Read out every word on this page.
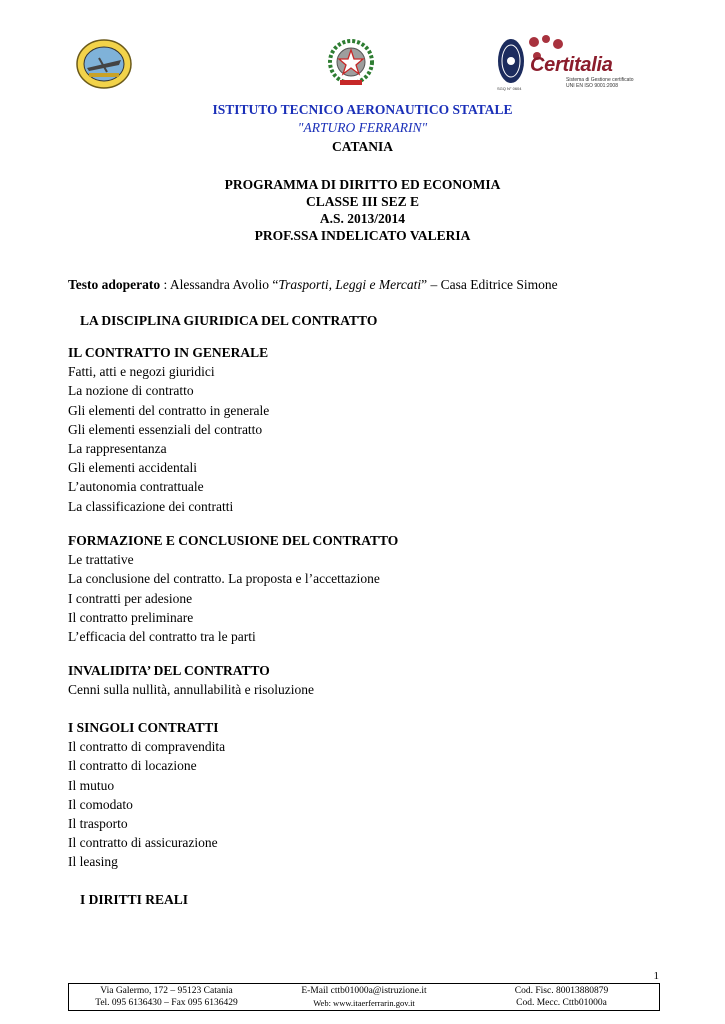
Certitalia
Sistema di Gestione certificato
UNI EN ISO 9001:2008
SGQ N° 0604
ISTITUTO TECNICO AERONAUTICO STATALE
"ARTURO FERRARIN"
CATANIA
PROGRAMMA DI DIRITTO ED ECONOMIA
CLASSE III SEZ E
A.S. 2013/2014
PROF.SSA INDELICATO VALERIA
Testo adoperato : Alessandra Avolio “Trasporti, Leggi e Mercati” – Casa Editrice Simone
LA DISCIPLINA GIURIDICA DEL CONTRATTO
IL CONTRATTO IN GENERALE
Fatti, atti e negozi giuridici
La nozione di contratto
Gli elementi del contratto in generale
Gli elementi essenziali del contratto
La rappresentanza
Gli elementi accidentali
L’autonomia contrattuale
La classificazione dei contratti
FORMAZIONE E CONCLUSIONE DEL CONTRATTO
Le trattative
La conclusione del contratto. La proposta e l’accettazione
I contratti per adesione
Il contratto preliminare
L’efficacia del contratto tra le parti
INVALIDITA’ DEL CONTRATTO
Cenni sulla nullità, annullabilità e risoluzione
I SINGOLI CONTRATTI
Il contratto di compravendita
Il contratto di locazione
Il mutuo
Il comodato
Il trasporto
Il contratto di assicurazione
Il leasing
I DIRITTI REALI
1
Via Galermo, 172 – 95123 Catania
Tel. 095 6136430 – Fax 095 6136429
E-Mail cttb01000a@istruzione.it
Web: www.itaerferrarin.gov.it
Cod. Fisc. 80013880879
Cod. Mecc. Cttb01000a
